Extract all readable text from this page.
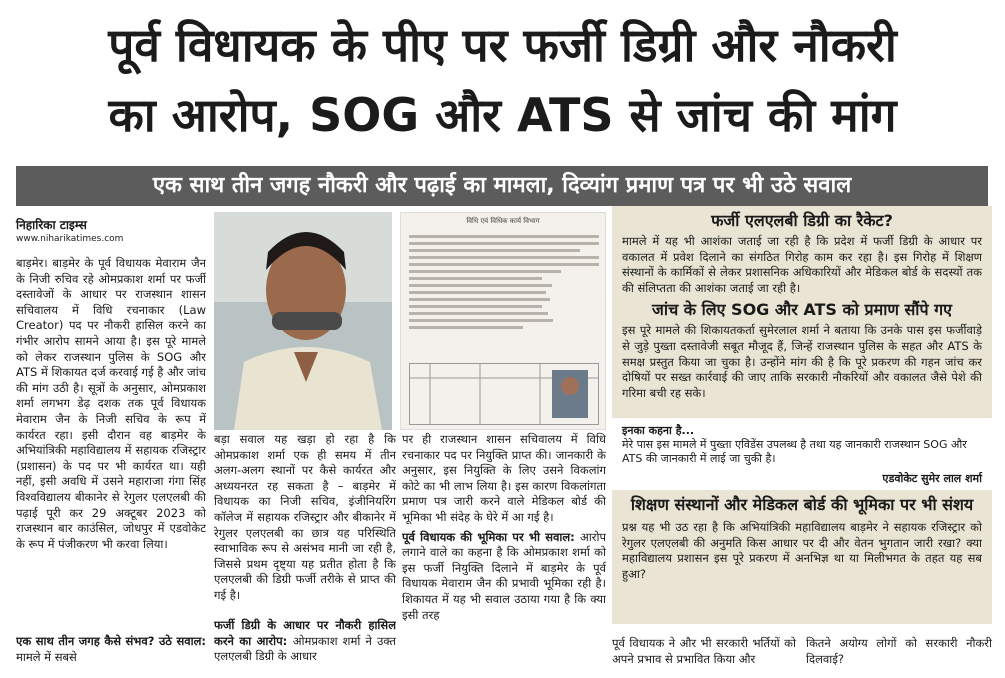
पूर्व विधायक के पीए पर फर्जी डिग्री और नौकरी
का आरोप, SOG और ATS से जांच की मांग
एक साथ तीन जगह नौकरी और पढ़ाई का मामला, दिव्यांग प्रमाण पत्र पर भी उठे सवाल
निहारिका टाइम्स
www.niharikatimes.com
बाड़मेर। बाड़मेर के पूर्व विधायक मेवाराम जैन के निजी रुचिव रहे ओमप्रकाश शर्मा पर फर्जी दस्तावेजों के आधार पर राजस्थान शासन सचिवालय में विधि रचनाकार (Law Creator) पद पर नौकरी हासिल करने का गंभीर आरोप सामने आया है। इस पूरे मामले को लेकर राजस्थान पुलिस के SOG और ATS में शिकायत दर्ज करवाई गई है और जांच की मांग उठी है। सूत्रों के अनुसार, ओमप्रकाश शर्मा लगभग डेढ़ दशक तक पूर्व विधायक मेवाराम जैन के निजी सचिव के रूप में कार्यरत रहा। इसी दौरान वह बाड़मेर के अभियांत्रिकी महाविद्यालय में सहायक रजिस्ट्रार (प्रशासन) के पद पर भी कार्यरत था। यही नहीं, इसी अवधि में उसने महाराजा गंगा सिंह विश्वविद्यालय बीकानेर से रेगुलर एलएलबी की पढ़ाई पूरी कर 29 अक्टूबर 2023 को राजस्थान बार काउंसिल, जोधपुर में एडवोकेट के रूप में पंजीकरण भी करवा लिया।
एक साथ तीन जगह कैसे संभव? उठे सवाल: मामले में सबसे
विधि एवं विधिक कार्य विभाग
बड़ा सवाल यह खड़ा हो रहा है कि ओमप्रकाश शर्मा एक ही समय में तीन अलग-अलग स्थानों पर कैसे कार्यरत और अध्ययनरत रह सकता है – बाड़मेर में विधायक का निजी सचिव, इंजीनियरिंग कॉलेज में सहायक रजिस्ट्रार और बीकानेर में रेगुलर एलएलबी का छात्र यह परिस्थिति स्वाभाविक रूप से असंभव मानी जा रही है, जिससे प्रथम दृष्ट्या यह प्रतीत होता है कि एलएलबी की डिग्री फर्जी तरीके से प्राप्त की गई है।
फर्जी डिग्री के आधार पर नौकरी हासिल करने का आरोप: ओमप्रकाश शर्मा ने उक्त एलएलबी डिग्री के आधार
पर ही राजस्थान शासन सचिवालय में विधि रचनाकार पद पर नियुक्ति प्राप्त की। जानकारी के अनुसार, इस नियुक्ति के लिए उसने विकलांग कोटे का भी लाभ लिया है। इस कारण विकलांगता प्रमाण पत्र जारी करने वाले मेडिकल बोर्ड की भूमिका भी संदेह के घेरे में आ गई है।
पूर्व विधायक की भूमिका पर भी सवाल: आरोप लगाने वाले का कहना है कि ओमप्रकाश शर्मा को इस फर्जी नियुक्ति दिलाने में बाड़मेर के पूर्व विधायक मेवाराम जैन की प्रभावी भूमिका रही है। शिकायत में यह भी सवाल उठाया गया है कि क्या इसी तरह
फर्जी एलएलबी डिग्री का रैकेट?
मामले में यह भी आशंका जताई जा रही है कि प्रदेश में फर्जी डिग्री के आधार पर वकालत में प्रवेश दिलाने का संगठित गिरोह काम कर रहा है। इस गिरोह में शिक्षण संस्थानों के कार्मिकों से लेकर प्रशासनिक अधिकारियों और मेडिकल बोर्ड के सदस्यों तक की संलिप्तता की आशंका जताई जा रही है।
जांच के लिए SOG और ATS को प्रमाण सौंपे गए
इस पूरे मामले की शिकायतकर्ता सुमेरलाल शर्मा ने बताया कि उनके पास इस फर्जीवाड़े से जुड़े पुख्ता दस्तावेजी सबूत मौजूद हैं, जिन्हें राजस्थान पुलिस के सहत और ATS के समक्ष प्रस्तुत किया जा चुका है। उन्होंने मांग की है कि पूरे प्रकरण की गहन जांच कर दोषियों पर सख्त कार्रवाई की जाए ताकि सरकारी नौकरियों और वकालत जैसे पेशे की गरिमा बची रह सके।
इनका कहना है...
मेरे पास इस मामले में पुख्ता एविडेंस उपलब्ध है तथा यह जानकारी राजस्थान SOG और ATS की जानकारी में लाई जा चुकी है।
एडवोकेट सुमेर लाल शर्मा
शिक्षण संस्थानों और मेडिकल बोर्ड की भूमिका पर भी संशय
प्रश्न यह भी उठ रहा है कि अभियांत्रिकी महाविद्यालय बाड़मेर ने सहायक रजिस्ट्रार को रेगुलर एलएलबी की अनुमति किस आधार पर दी और वेतन भुगतान जारी रखा? क्या महाविद्यालय प्रशासन इस पूरे प्रकरण में अनभिज्ञ था या मिलीभगत के तहत यह सब हुआ?
पूर्व विधायक ने और भी सरकारी भर्तियों को अपने प्रभाव से प्रभावित किया और
कितने अयोग्य लोगों को सरकारी नौकरी दिलवाई?
